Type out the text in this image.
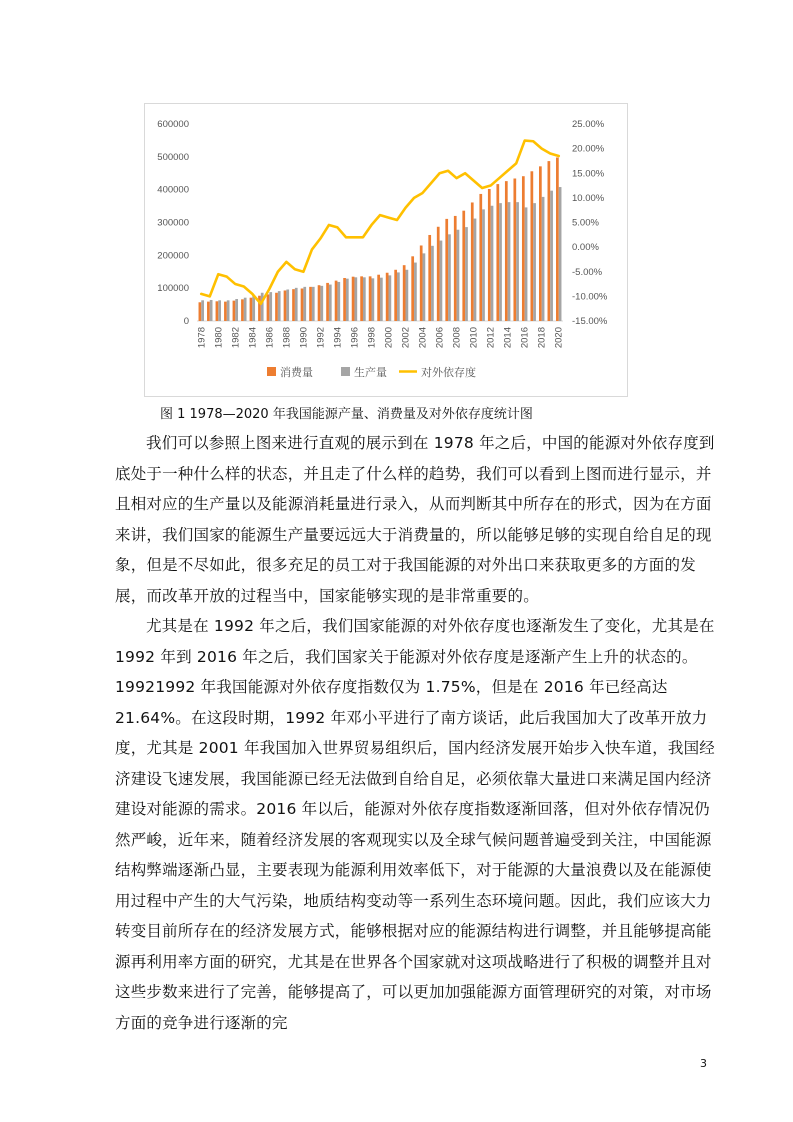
0
100000
200000
300000
400000
500000
600000
-15.00%
-10.00%
-5.00%
0.00%
5.00%
10.00%
15.00%
20.00%
25.00%
1978 1980 1982 1984 1986 1988 1990 1992 1994 1996 1998 2000 2002 2004 2006 2008 2010 2012 2014 2016 2018 2020
消费量	生产量	对外依存度
图 1 1978—2020 年我国能源产量、消费量及对外依存度统计图

我们可以参照上图来进行直观的展示到在 1978 年之后，中国的能源对外依存度到底处于一种什么样的状态，并且走了什么样的趋势，我们可以看到上图而进行显示，并且相对应的生产量以及能源消耗量进行录入，从而判断其中所存在的形式，因为在方面来讲，我们国家的能源生产量要远远大于消费量的，所以能够足够的实现自给自足的现象，但是不尽如此，很多充足的员工对于我国能源的对外出口来获取更多的方面的发展，而改革开放的过程当中，国家能够实现的是非常重要的。

尤其是在 1992 年之后，我们国家能源的对外依存度也逐渐发生了变化，尤其是在 1992 年到 2016 年之后，我们国家关于能源对外依存度是逐渐产生上升的状态的。

19921992 年我国能源对外依存度指数仅为 1.75%，但是在 2016 年已经高达 21.64%。在这段时期，1992 年邓小平进行了南方谈话，此后我国加大了改革开放力度，尤其是 2001 年我国加入世界贸易组织后，国内经济发展开始步入快车道，我国经济建设飞速发展，我国能源已经无法做到自给自足，必须依靠大量进口来满足国内经济建设对能源的需求。2016 年以后，能源对外依存度指数逐渐回落，但对外依存情况仍然严峻，近年来，随着经济发展的客观现实以及全球气候问题普遍受到关注，中国能源结构弊端逐渐凸显，主要表现为能源利用效率低下，对于能源的大量浪费以及在能源使用过程中产生的大气污染，地质结构变动等一系列生态环境问题。因此，我们应该大力转变目前所存在的经济发展方式，能够根据对应的能源结构进行调整，并且能够提高能源再利用率方面的研究，尤其是在世界各个国家就对这项战略进行了积极的调整并且对这些步数来进行了完善，能够提高了，可以更加加强能源方面管理研究的对策，对市场方面的竞争进行逐渐的完

3
